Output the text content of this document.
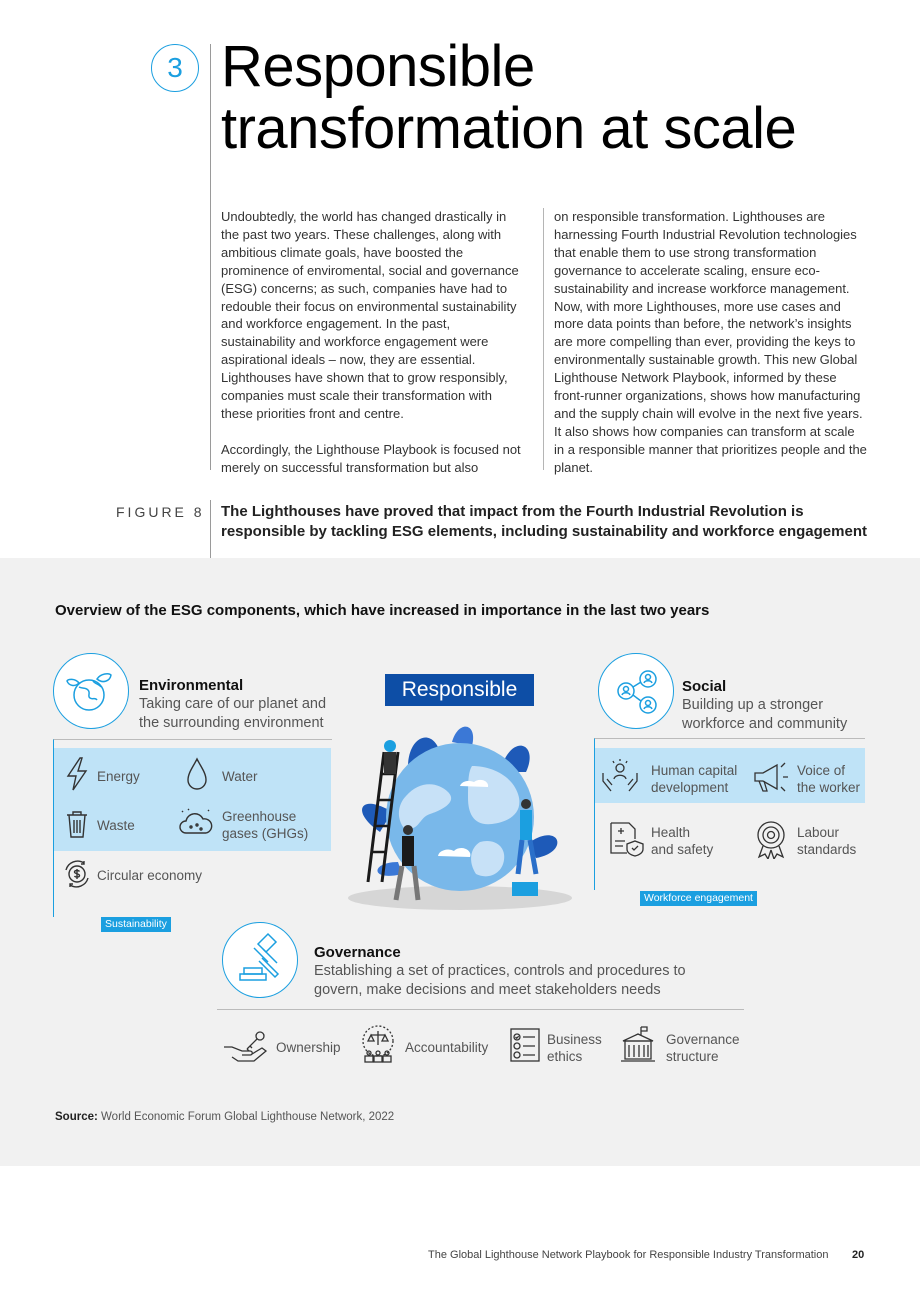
3 Responsible transformation at scale

Undoubtedly, the world has changed drastically in the past two years. These challenges, along with ambitious climate goals, have boosted the prominence of enviromental, social and governance (ESG) concerns; as such, companies have had to redouble their focus on environmental sustainability and workforce engagement. In the past, sustainability and workforce engagement were aspirational ideals – now, they are essential. Lighthouses have shown that to grow responsibly, companies must scale their transformation with these priorities front and centre.

Accordingly, the Lighthouse Playbook is focused not merely on successful transformation but also

on responsible transformation. Lighthouses are harnessing Fourth Industrial Revolution technologies that enable them to use strong transformation governance to accelerate scaling, ensure eco-sustainability and increase workforce management. Now, with more Lighthouses, more use cases and more data points than before, the network’s insights are more compelling than ever, providing the keys to environmentally sustainable growth. This new Global Lighthouse Network Playbook, informed by these front-runner organizations, shows how manufacturing and the supply chain will evolve in the next five years. It also shows how companies can transform at scale in a responsible manner that prioritizes people and the planet.

FIGURE 8 The Lighthouses have proved that impact from the Fourth Industrial Revolution is responsible by tackling ESG elements, including sustainability and workforce engagement
Overview of the ESG components, which have increased in importance in the last two years
Environmental
Taking care of our planet and
the surrounding environment
Energy	Water
Waste
Greenhouse
gases (GHGs)
Circular economy
Sustainability
Responsible	Social
Building up a stronger
workforce and community
Human capital
development
Voice of
the worker
Health
and safety
Labour
standards
Workforce engagement
Governance
Establishing a set of practices, controls and procedures to
govern, make decisions and meet stakeholders needs
Ownership	Accountability
Business
ethics
Governance
structure
Source: World Economic Forum Global Lighthouse Network, 2022
The Global Lighthouse Network Playbook for Responsible Industry Transformation 20
